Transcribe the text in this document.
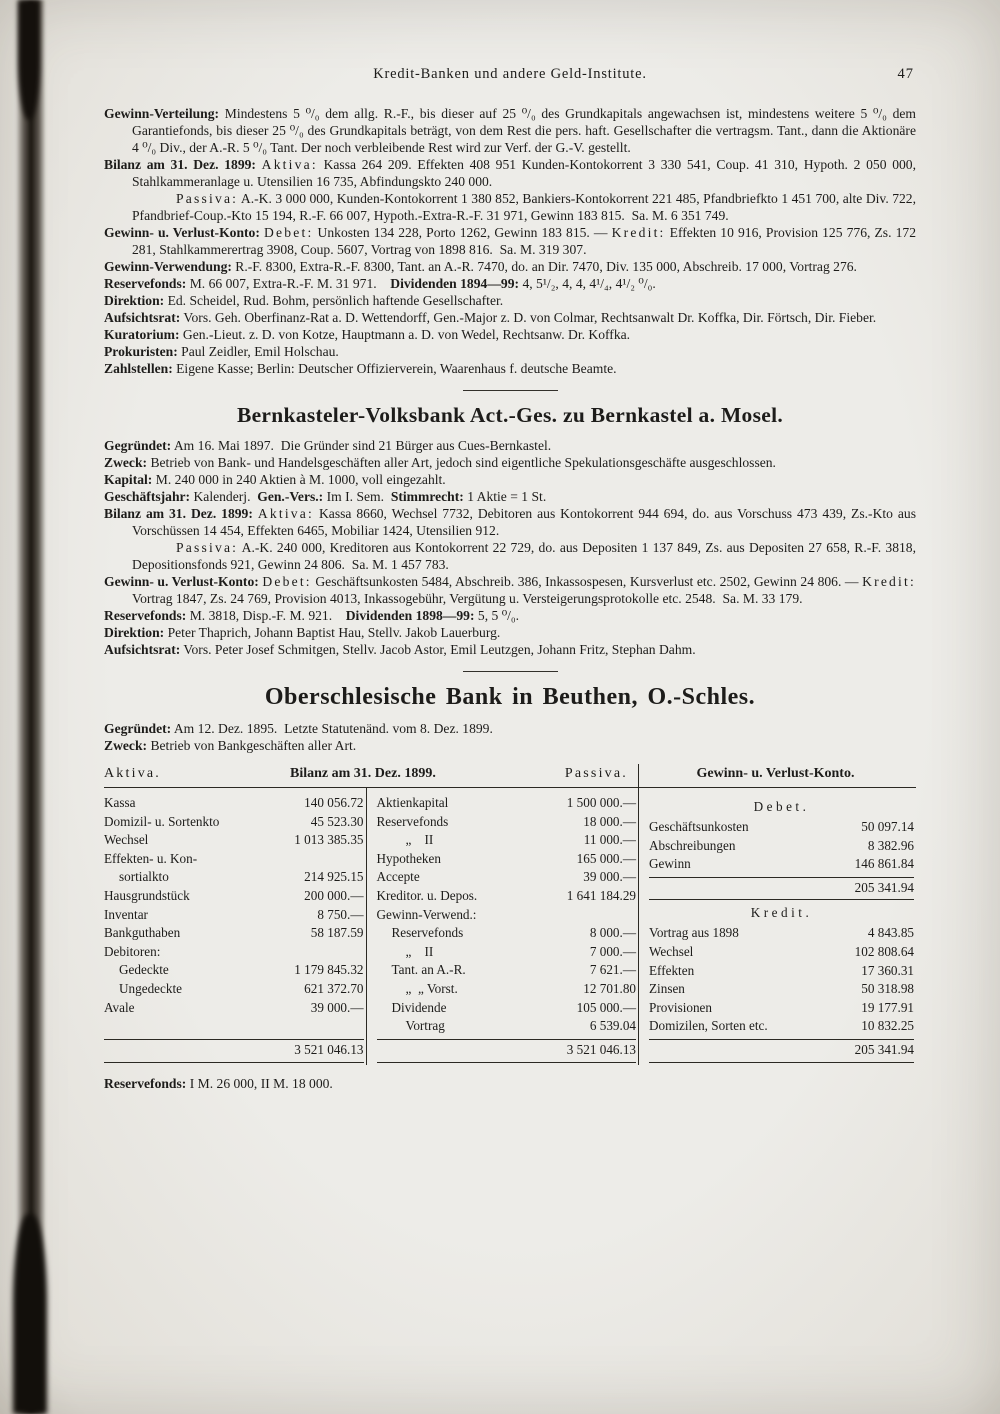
Kredit-Banken und andere Geld-Institute.	47

Gewinn-Verteilung: Mindestens 5 ⁰/₀ dem allg. R.-F., bis dieser auf 25 ⁰/₀ des Grundkapitals angewachsen ist, mindestens weitere 5 ⁰/₀ dem Garantiefonds, bis dieser 25 ⁰/₀ des Grundkapitals beträgt, von dem Rest die pers. haft. Gesellschafter die vertragsm. Tant., dann die Aktionäre 4 ⁰/₀ Div., der A.-R. 5 ⁰/₀ Tant. Der noch verbleibende Rest wird zur Verf. der G.-V. gestellt.

Bilanz am 31. Dez. 1899: Aktiva: Kassa 264 209. Effekten 408 951 Kunden-Kontokorrent 3 330 541, Coup. 41 310, Hypoth. 2 050 000, Stahlkammeranlage u. Utensilien 16 735, Abfindungskto 240 000.

Passiva: A.-K. 3 000 000, Kunden-Kontokorrent 1 380 852, Bankiers-Kontokorrent 221 485, Pfandbriefkto 1 451 700, alte Div. 722, Pfandbrief-Coup.-Kto 15 194, R.-F. 66 007, Hypoth.-Extra-R.-F. 31 971, Gewinn 183 815.  Sa. M. 6 351 749.

Gewinn- u. Verlust-Konto: Debet: Unkosten 134 228, Porto 1262, Gewinn 183 815. — Kredit: Effekten 10 916, Provision 125 776, Zs. 172 281, Stahlkammerertrag 3908, Coup. 5607, Vortrag von 1898 816.  Sa. M. 319 307.

Gewinn-Verwendung: R.-F. 8300, Extra-R.-F. 8300, Tant. an A.-R. 7470, do. an Dir. 7470, Div. 135 000, Abschreib. 17 000, Vortrag 276.

Reservefonds: M. 66 007, Extra-R.-F. M. 31 971.    Dividenden 1894—99: 4, 5¹/₂, 4, 4, 4¹/₄, 4¹/₂ ⁰/₀.

Direktion: Ed. Scheidel, Rud. Bohm, persönlich haftende Gesellschafter.

Aufsichtsrat: Vors. Geh. Oberfinanz-Rat a. D. Wettendorff, Gen.-Major z. D. von Colmar, Rechtsanwalt Dr. Koffka, Dir. Förtsch, Dir. Fieber.

Kuratorium: Gen.-Lieut. z. D. von Kotze, Hauptmann a. D. von Wedel, Rechtsanw. Dr. Koffka.

Prokuristen: Paul Zeidler, Emil Holschau.

Zahlstellen: Eigene Kasse; Berlin: Deutscher Offizierverein, Waarenhaus f. deutsche Beamte.

Bernkasteler-Volksbank Act.-Ges. zu Bernkastel a. Mosel.

Gegründet: Am 16. Mai 1897.  Die Gründer sind 21 Bürger aus Cues-Bernkastel.

Zweck: Betrieb von Bank- und Handelsgeschäften aller Art, jedoch sind eigentliche Spekulationsgeschäfte ausgeschlossen.

Kapital: M. 240 000 in 240 Aktien à M. 1000, voll eingezahlt.

Geschäftsjahr: Kalenderj.  Gen.-Vers.: Im I. Sem.  Stimmrecht: 1 Aktie = 1 St.

Bilanz am 31. Dez. 1899: Aktiva: Kassa 8660, Wechsel 7732, Debitoren aus Kontokorrent 944 694, do. aus Vorschuss 473 439, Zs.-Kto aus Vorschüssen 14 454, Effekten 6465, Mobiliar 1424, Utensilien 912.

Passiva: A.-K. 240 000, Kreditoren aus Kontokorrent 22 729, do. aus Depositen 1 137 849, Zs. aus Depositen 27 658, R.-F. 3818, Depositionsfonds 921, Gewinn 24 806.  Sa. M. 1 457 783.

Gewinn- u. Verlust-Konto: Debet: Geschäftsunkosten 5484, Abschreib. 386, Inkassospesen, Kursverlust etc. 2502, Gewinn 24 806. — Kredit: Vortrag 1847, Zs. 24 769, Provision 4013, Inkassogebühr, Vergütung u. Versteigerungsprotokolle etc. 2548.  Sa. M. 33 179.

Reservefonds: M. 3818, Disp.-F. M. 921.    Dividenden 1898—99: 5, 5 ⁰/₀.

Direktion: Peter Thaprich, Johann Baptist Hau, Stellv. Jakob Lauerburg.

Aufsichtsrat: Vors. Peter Josef Schmitgen, Stellv. Jacob Astor, Emil Leutzgen, Johann Fritz, Stephan Dahm.

Oberschlesische Bank in Beuthen, O.-Schles.

Gegründet: Am 12. Dez. 1895.  Letzte Statutenänd. vom 8. Dez. 1899.

Zweck: Betrieb von Bankgeschäften aller Art.

Aktiva.	Bilanz am 31. Dez. 1899.	Passiva.
Kassa	140 056.72
Domizil- u. Sortenkto	45 523.30
Wechsel	1 013 385.35
Effekten- u. Kon-
sortialkto	214 925.15
Hausgrundstück	200 000.—
Inventar	8 750.—
Bankguthaben	58 187.59
Debitoren:
Gedeckte	1 179 845.32
Ungedeckte	621 372.70
Avale	39 000.—
3 521 046.13
Aktienkapital	1 500 000.—
Reservefonds	18 000.—
„    II	11 000.—
Hypotheken	165 000.—
Accepte	39 000.—
Kreditor. u. Depos.	1 641 184.29
Gewinn-Verwend.:
Reservefonds	8 000.—
„    II	7 000.—
Tant. an A.-R.	7 621.—
„  „ Vorst.	12 701.80
Dividende	105 000.—
Vortrag	6 539.04
3 521 046.13
Gewinn- u. Verlust-Konto.
Debet.
Geschäftsunkosten	50 097.14
Abschreibungen	8 382.96
Gewinn	146 861.84
205 341.94
Kredit.
Vortrag aus 1898	4 843.85
Wechsel	102 808.64
Effekten	17 360.31
Zinsen	50 318.98
Provisionen	19 177.91
Domizilen, Sorten etc.	10 832.25
205 341.94

Reservefonds: I M. 26 000, II M. 18 000.
